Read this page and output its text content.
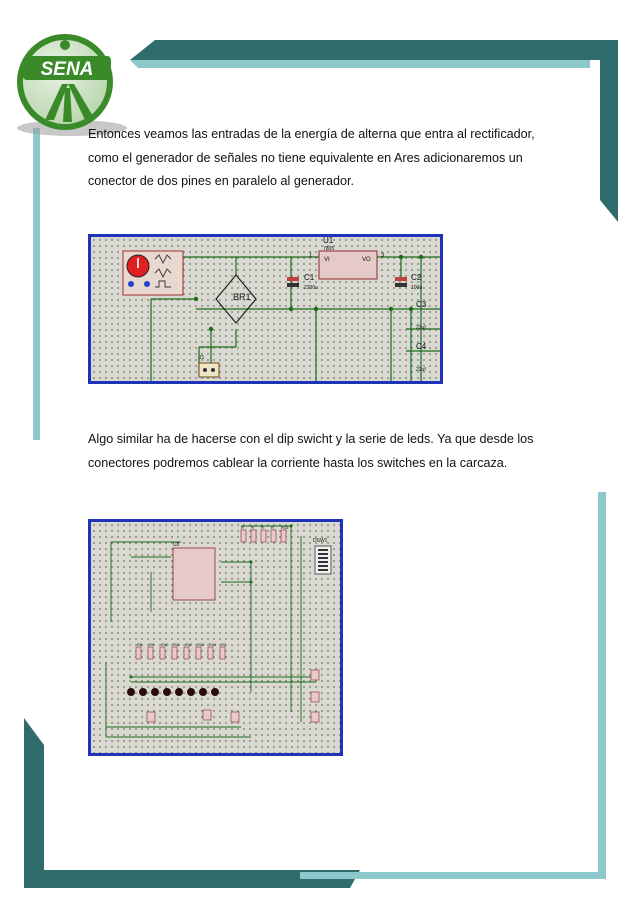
SENA

Entonces veamos las entradas de la energía de alterna que entra al rectificador,
como el generador de señales no tiene equivalente en Ares adicionaremos un
conector de dos pines en paralelo al generador.

BR1
U1
7805
VI	VO
1	3
C1
2200u
C2
100u
C3
22uf
C4
22uf
J1

Algo similar ha de hacerse con el dip swicht y la serie de leds. Ya que desde los
conectores podremos cablear la corriente hasta los switches en la carcaza.

U2
DSW1
R R R R R15
R8 R9 R10 R11 R12 R13 R14 R2
